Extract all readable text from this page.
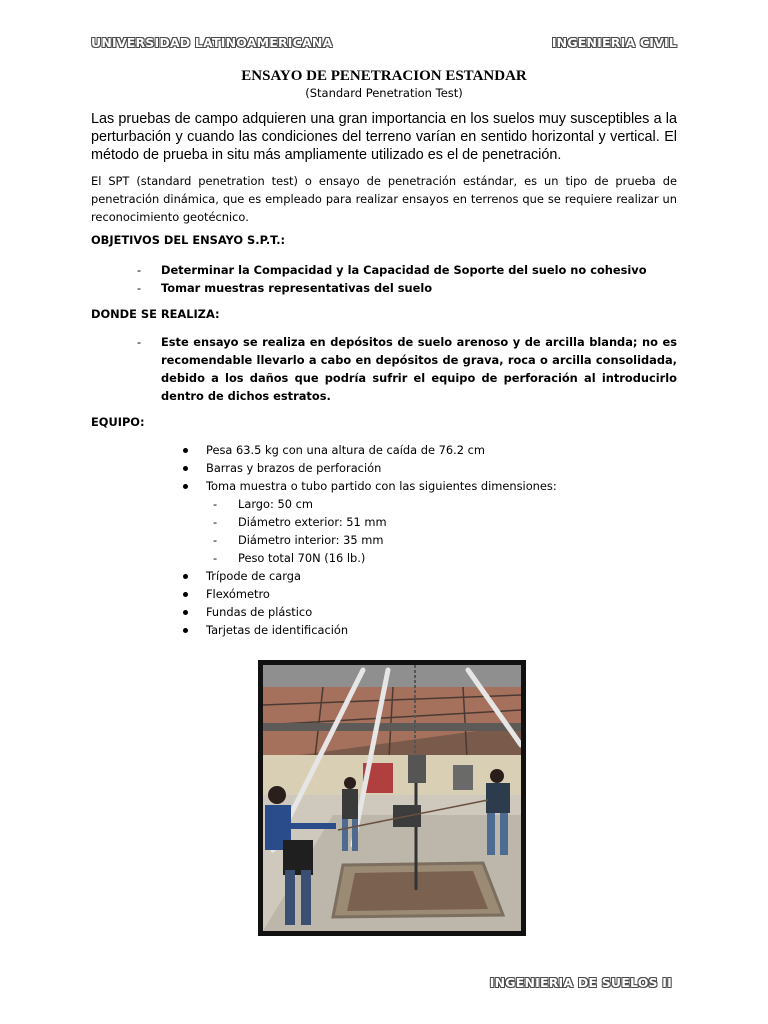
UNIVERSIDAD LATINOAMERICANA	INGENIERIA CIVIL
ENSAYO DE PENETRACION ESTANDAR
(Standard Penetration Test)
Las pruebas de campo adquieren una gran importancia en los suelos muy susceptibles a la perturbación y cuando las condiciones del terreno varían en sentido horizontal y vertical. El método de prueba in situ más ampliamente utilizado es el de penetración.
El SPT (standard penetration test) o ensayo de penetración estándar, es un tipo de prueba de penetración dinámica, que es empleado para realizar ensayos en terrenos que se requiere realizar un reconocimiento geotécnico.
OBJETIVOS DEL ENSAYO S.P.T.:
- Determinar la Compacidad y la Capacidad de Soporte del suelo no cohesivo
- Tomar muestras representativas del suelo
DONDE SE REALIZA:
- Este ensayo se realiza en depósitos de suelo arenoso y de arcilla blanda; no es recomendable llevarlo a cabo en depósitos de grava, roca o arcilla consolidada, debido a los daños que podría sufrir el equipo de perforación al introducirlo dentro de dichos estratos.
EQUIPO:
Pesa 63.5 kg con una altura de caída de 76.2 cm
Barras y brazos de perforación
Toma muestra o tubo partido con las siguientes dimensiones:
- Largo: 50 cm
- Diámetro exterior: 51 mm
- Diámetro interior: 35 mm
- Peso total 70N (16 lb.)
Trípode de carga
Flexómetro
Fundas de plástico
Tarjetas de identificación
INGENIERIA DE SUELOS II
